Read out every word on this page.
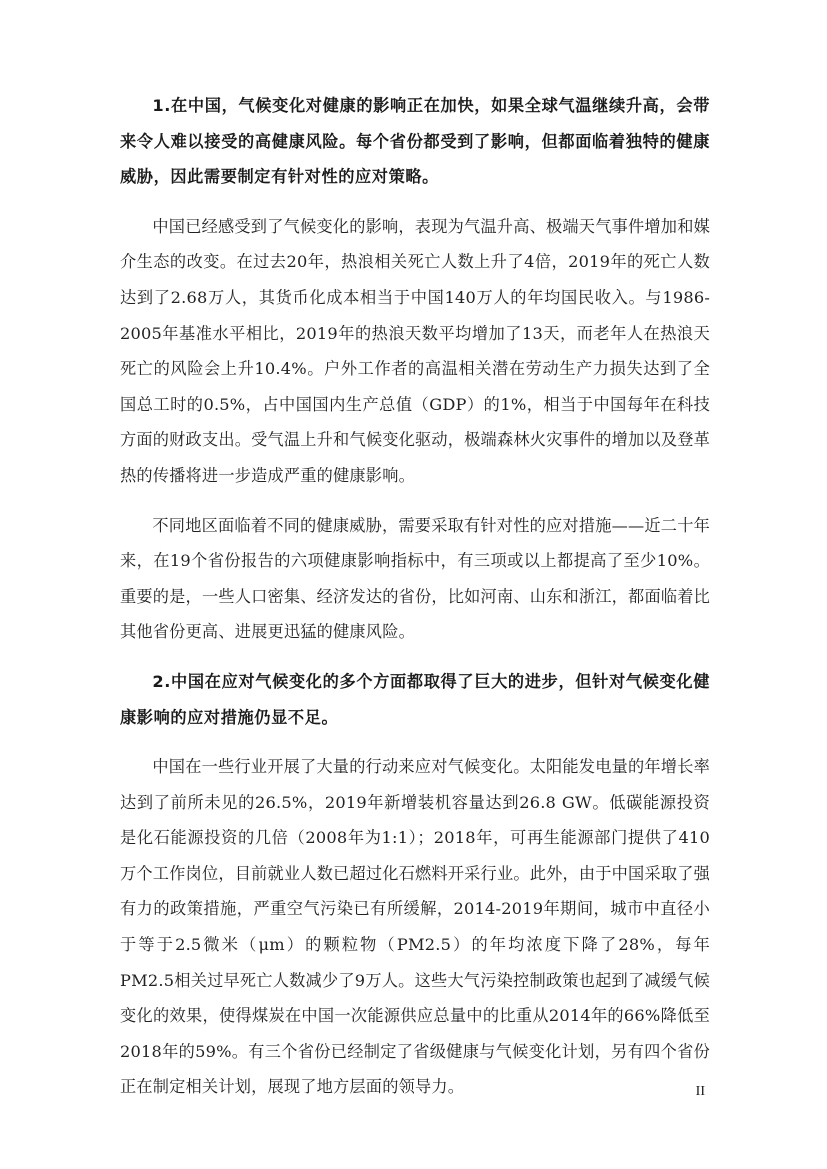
1.在中国，气候变化对健康的影响正在加快，如果全球气温继续升高，会带来令人难以接受的高健康风险。每个省份都受到了影响，但都面临着独特的健康威胁，因此需要制定有针对性的应对策略。

中国已经感受到了气候变化的影响，表现为气温升高、极端天气事件增加和媒介生态的改变。在过去20年，热浪相关死亡人数上升了4倍，2019年的死亡人数达到了2.68万人，其货币化成本相当于中国140万人的年均国民收入。与1986-2005年基准水平相比，2019年的热浪天数平均增加了13天，而老年人在热浪天死亡的风险会上升10.4%。户外工作者的高温相关潜在劳动生产力损失达到了全国总工时的0.5%，占中国国内生产总值（GDP）的1%，相当于中国每年在科技方面的财政支出。受气温上升和气候变化驱动，极端森林火灾事件的增加以及登革热的传播将进一步造成严重的健康影响。

不同地区面临着不同的健康威胁，需要采取有针对性的应对措施——近二十年来，在19个省份报告的六项健康影响指标中，有三项或以上都提高了至少10%。重要的是，一些人口密集、经济发达的省份，比如河南、山东和浙江，都面临着比其他省份更高、进展更迅猛的健康风险。

2.中国在应对气候变化的多个方面都取得了巨大的进步，但针对气候变化健康影响的应对措施仍显不足。

中国在一些行业开展了大量的行动来应对气候变化。太阳能发电量的年增长率达到了前所未见的26.5%，2019年新增装机容量达到26.8 GW。低碳能源投资是化石能源投资的几倍（2008年为1:1）；2018年，可再生能源部门提供了410万个工作岗位，目前就业人数已超过化石燃料开采行业。此外，由于中国采取了强有力的政策措施，严重空气污染已有所缓解，2014-2019年期间，城市中直径小于等于2.5微米（μm）的颗粒物（PM2.5）的年均浓度下降了28%，每年PM2.5相关过早死亡人数减少了9万人。这些大气污染控制政策也起到了减缓气候变化的效果，使得煤炭在中国一次能源供应总量中的比重从2014年的66%降低至2018年的59%。有三个省份已经制定了省级健康与气候变化计划，另有四个省份正在制定相关计划，展现了地方层面的领导力。	II
